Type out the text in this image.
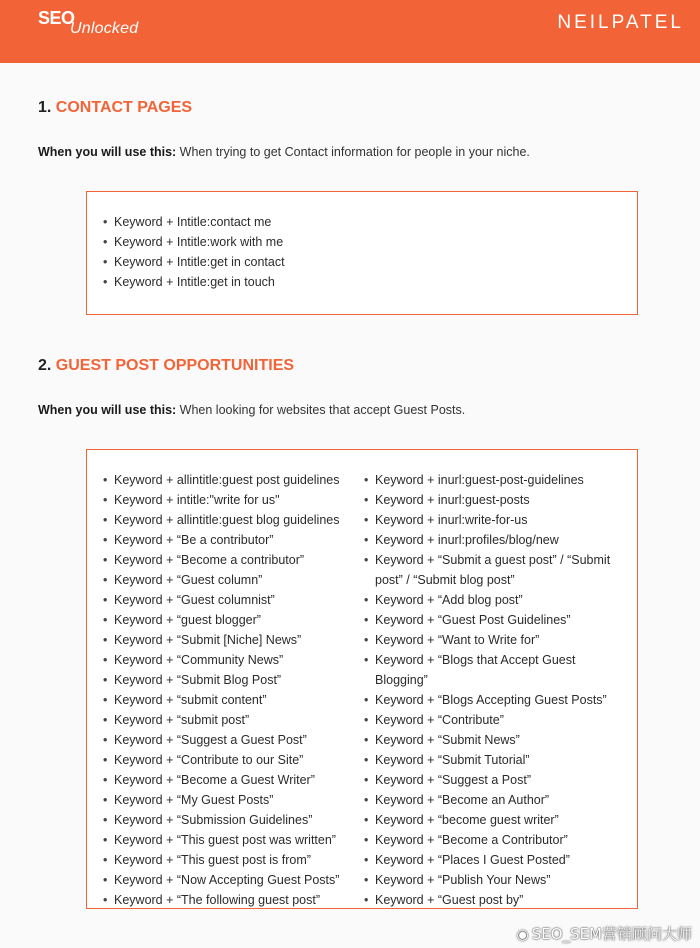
SEO
Unlocked	NEILPATEL
1. CONTACT PAGES
When you will use this: When trying to get Contact information for people in your niche.
• Keyword + Intitle:contact me
• Keyword + Intitle:work with me
• Keyword + Intitle:get in contact
• Keyword + Intitle:get in touch
2. GUEST POST OPPORTUNITIES
When you will use this: When looking for websites that accept Guest Posts.
• Keyword + allintitle:guest post guidelines
• Keyword + intitle:"write for us"
• Keyword + allintitle:guest blog guidelines
• Keyword + “Be a contributor”
• Keyword + “Become a contributor”
• Keyword + “Guest column”
• Keyword + “Guest columnist”
• Keyword + “guest blogger”
• Keyword + “Submit [Niche] News”
• Keyword + “Community News”
• Keyword + “Submit Blog Post”
• Keyword + “submit content”
• Keyword + “submit post”
• Keyword + “Suggest a Guest Post”
• Keyword + “Contribute to our Site”
• Keyword + “Become a Guest Writer”
• Keyword + “My Guest Posts”
• Keyword + “Submission Guidelines”
• Keyword + “This guest post was written”
• Keyword + “This guest post is from”
• Keyword + “Now Accepting Guest Posts”
• Keyword + “The following guest post”
• Keyword + inurl:guest-post-guidelines
• Keyword + inurl:guest-posts
• Keyword + inurl:write-for-us
• Keyword + inurl:profiles/blog/new
• Keyword + “Submit a guest post” / “Submit post” / “Submit blog post”
• Keyword + “Add blog post”
• Keyword + “Guest Post Guidelines”
• Keyword + “Want to Write for”
• Keyword + “Blogs that Accept Guest Blogging”
• Keyword + “Blogs Accepting Guest Posts”
• Keyword + “Contribute”
• Keyword + “Submit News”
• Keyword + “Submit Tutorial”
• Keyword + “Suggest a Post”
• Keyword + “Become an Author”
• Keyword + “become guest writer”
• Keyword + “Become a Contributor”
• Keyword + “Places I Guest Posted”
• Keyword + “Publish Your News”
• Keyword + “Guest post by”
◉ SEO_SEM营销顾问大师
